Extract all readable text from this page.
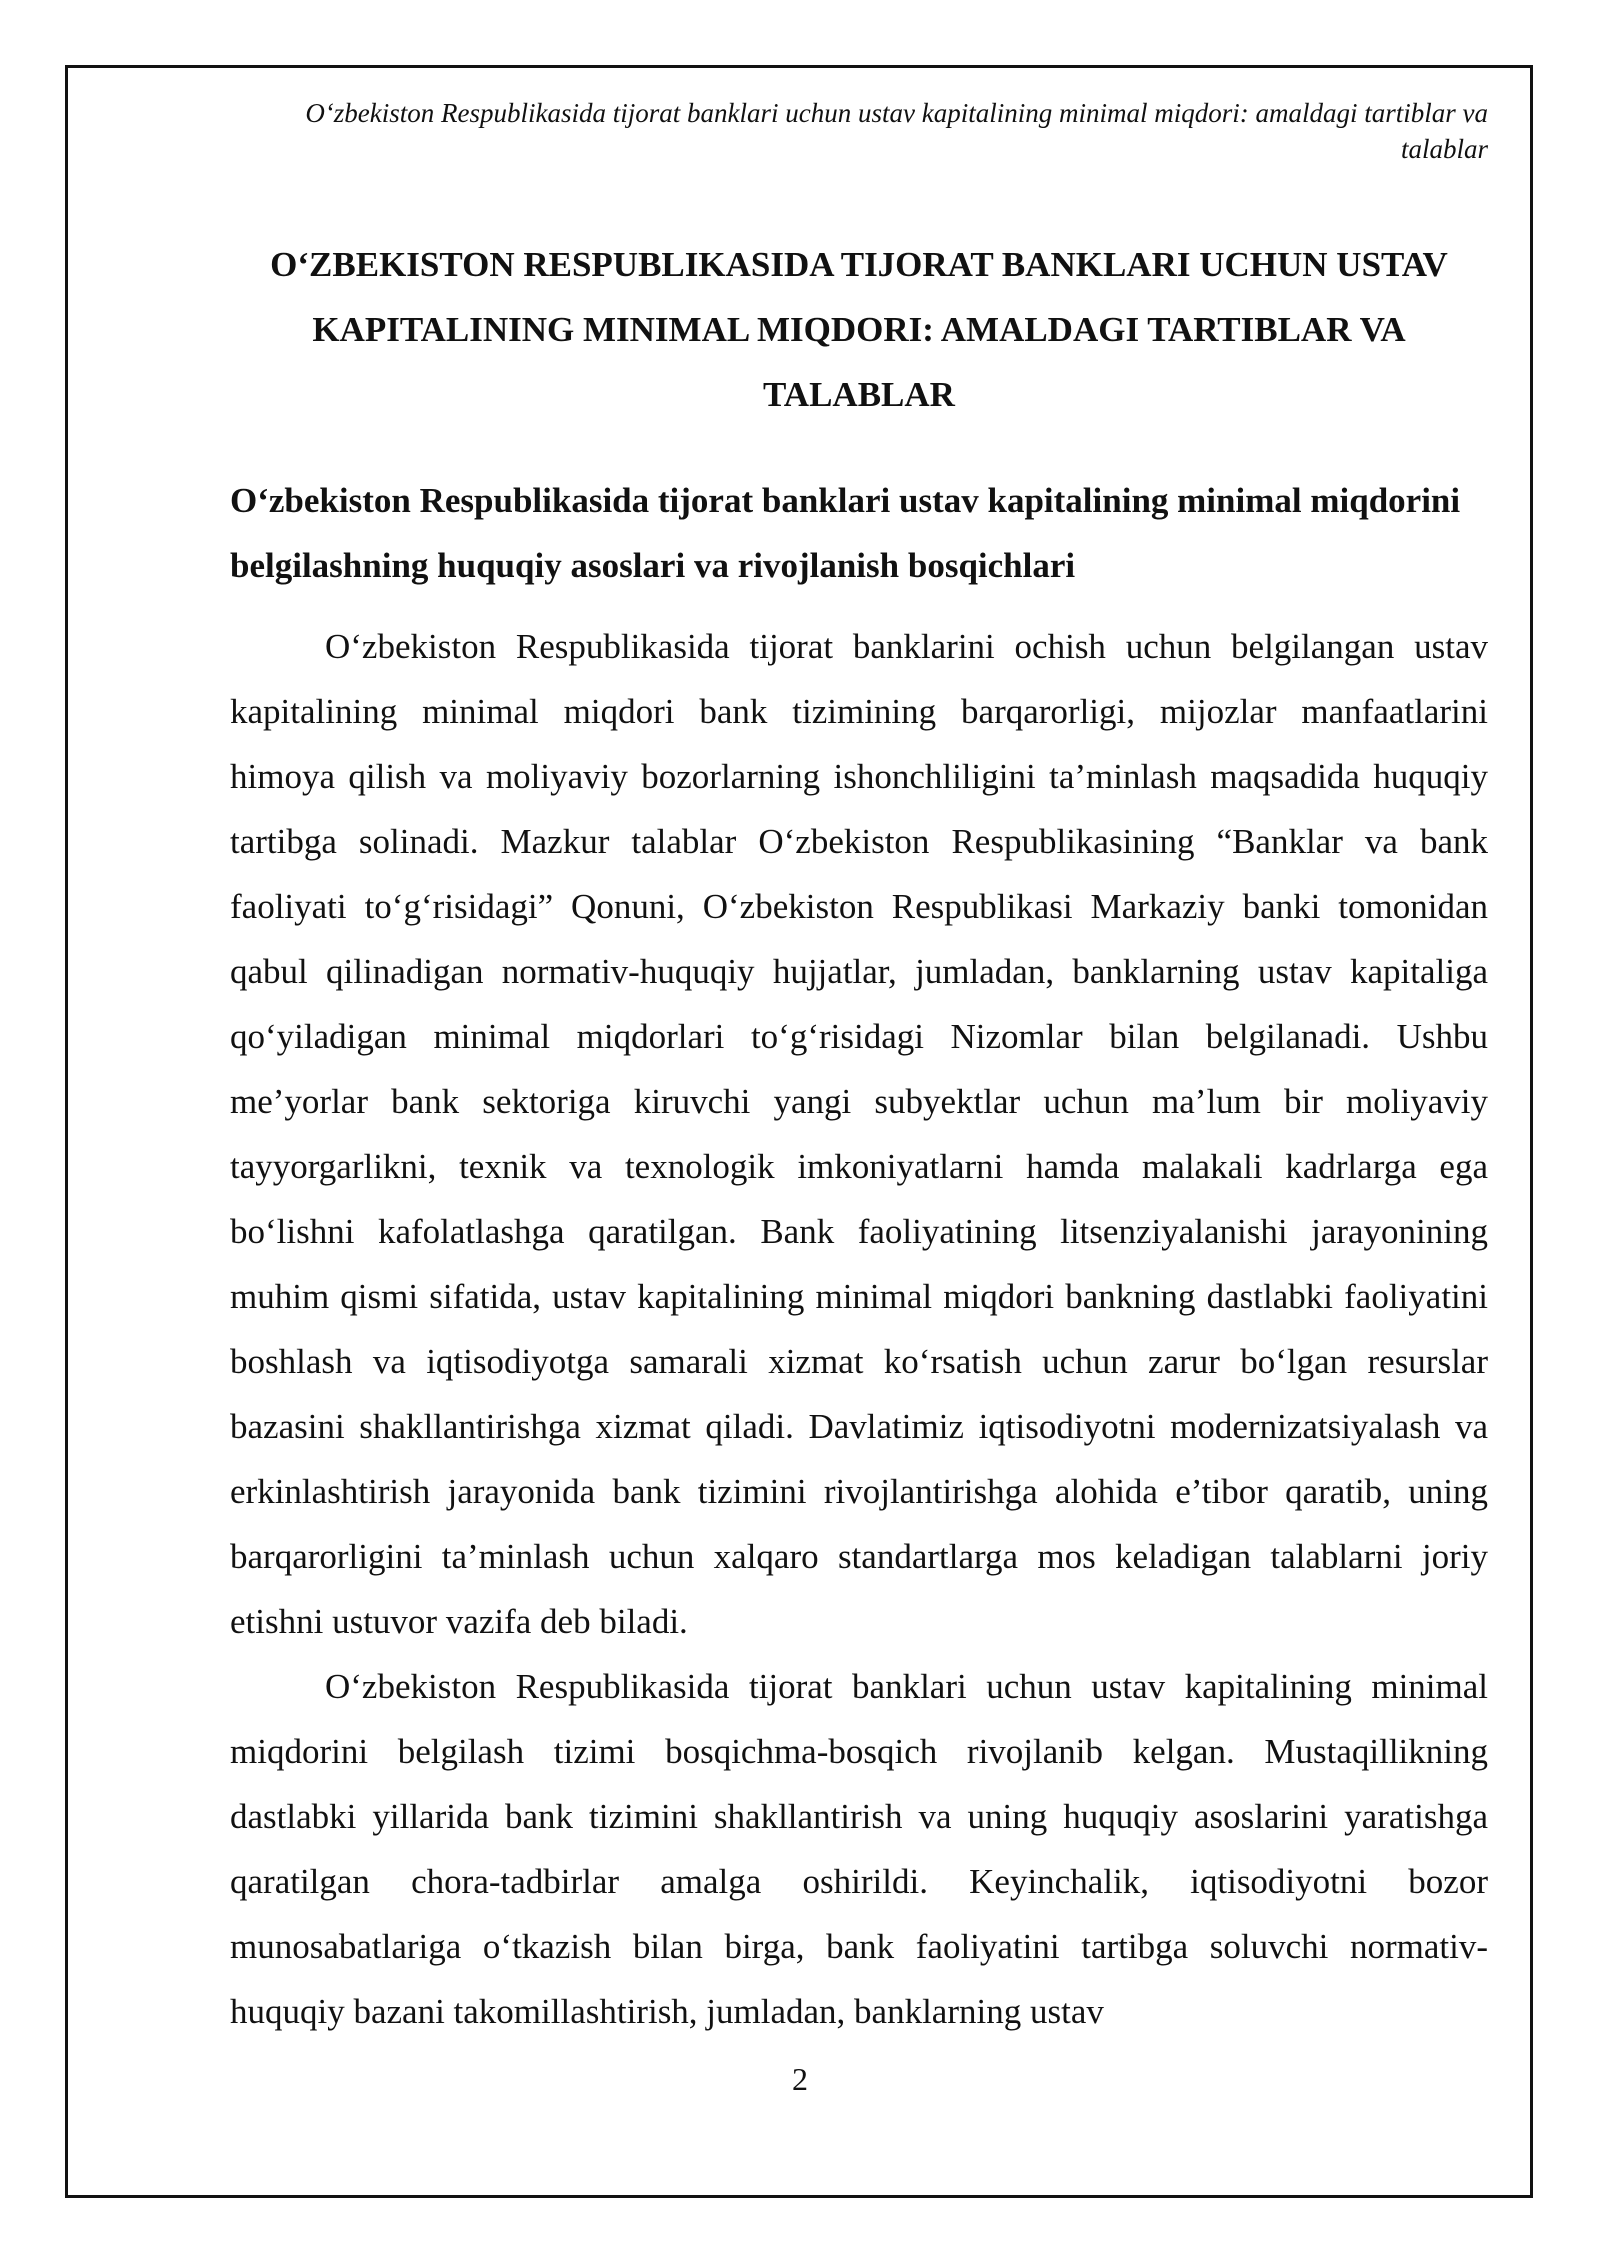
O‘zbekiston Respublikasida tijorat banklari uchun ustav kapitalining minimal miqdori: amaldagi tartiblar va talablar
O‘ZBEKISTON RESPUBLIKASIDA TIJORAT BANKLARI UCHUN USTAV KAPITALINING MINIMAL MIQDORI: AMALDAGI TARTIBLAR VA TALABLAR
O‘zbekiston Respublikasida tijorat banklari ustav kapitalining minimal miqdorini belgilashning huquqiy asoslari va rivojlanish bosqichlari

O‘zbekiston Respublikasida tijorat banklarini ochish uchun belgilangan ustav kapitalining minimal miqdori bank tizimining barqarorligi, mijozlar manfaatlarini himoya qilish va moliyaviy bozorlarning ishonchliligini ta’minlash maqsadida huquqiy tartibga solinadi. Mazkur talablar O‘zbekiston Respublikasining “Banklar va bank faoliyati to‘g‘risidagi” Qonuni, O‘zbekiston Respublikasi Markaziy banki tomonidan qabul qilinadigan normativ-huquqiy hujjatlar, jumladan, banklarning ustav kapitaliga qo‘yiladigan minimal miqdorlari to‘g‘risidagi Nizomlar bilan belgilanadi. Ushbu me’yorlar bank sektoriga kiruvchi yangi subyektlar uchun ma’lum bir moliyaviy tayyorgarlikni, texnik va texnologik imkoniyatlarni hamda malakali kadrlarga ega bo‘lishni kafolatlashga qaratilgan. Bank faoliyatining litsenziyalanishi jarayonining muhim qismi sifatida, ustav kapitalining minimal miqdori bankning dastlabki faoliyatini boshlash va iqtisodiyotga samarali xizmat ko‘rsatish uchun zarur bo‘lgan resurslar bazasini shakllantirishga xizmat qiladi. Davlatimiz iqtisodiyotni modernizatsiyalash va erkinlashtirish jarayonida bank tizimini rivojlantirishga alohida e’tibor qaratib, uning barqarorligini ta’minlash uchun xalqaro standartlarga mos keladigan talablarni joriy etishni ustuvor vazifa deb biladi.

O‘zbekiston Respublikasida tijorat banklari uchun ustav kapitalining minimal miqdorini belgilash tizimi bosqichma-bosqich rivojlanib kelgan. Mustaqillikning dastlabki yillarida bank tizimini shakllantirish va uning huquqiy asoslarini yaratishga qaratilgan chora-tadbirlar amalga oshirildi. Keyinchalik, iqtisodiyotni bozor munosabatlariga o‘tkazish bilan birga, bank faoliyatini tartibga soluvchi normativ-huquqiy bazani takomillashtirish, jumladan, banklarning ustav

2
